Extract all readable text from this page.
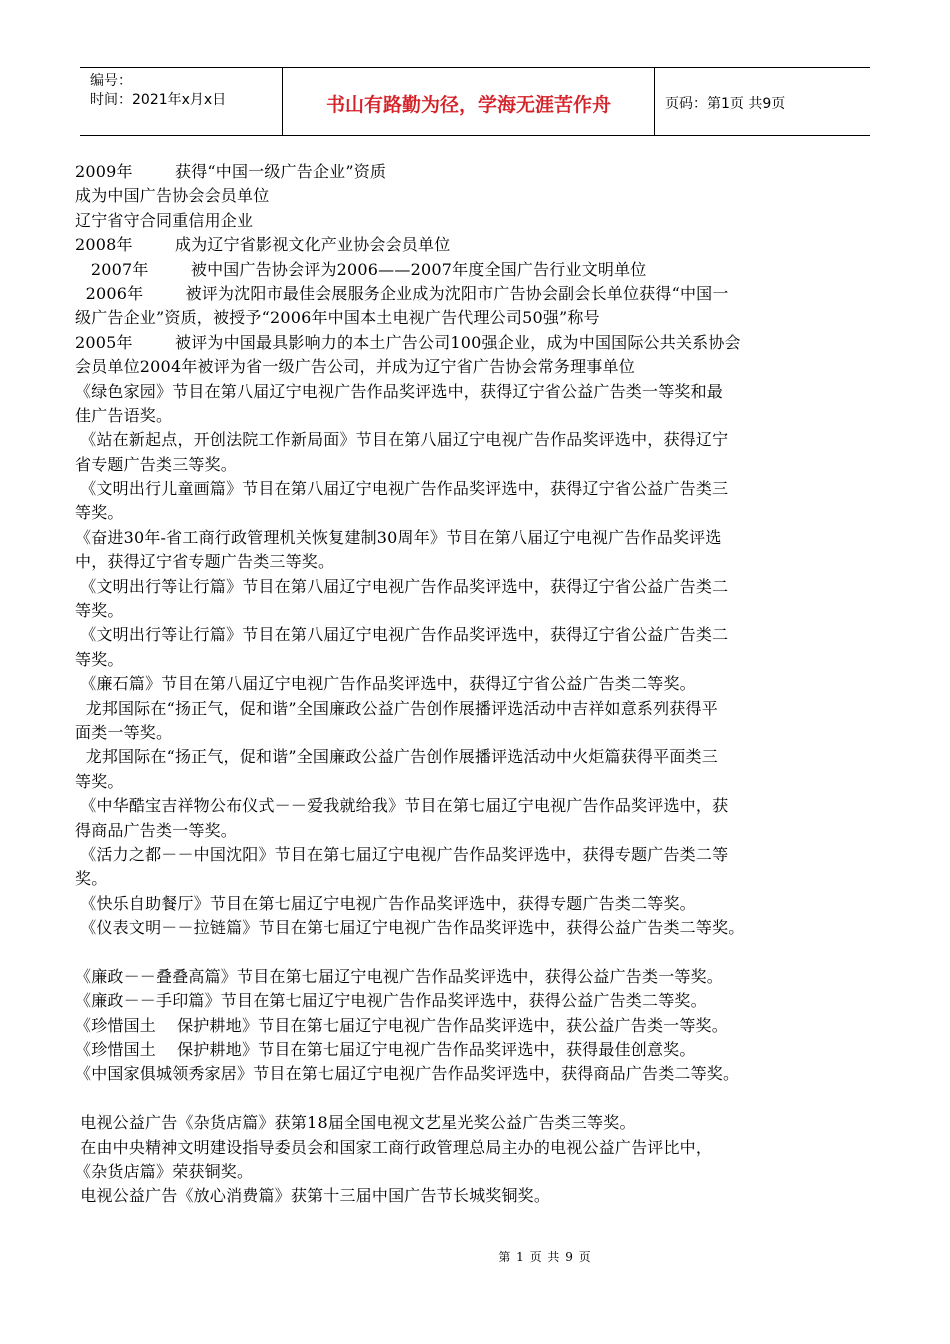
编号：
时间：2021年x月x日	书山有路勤为径，学海无涯苦作舟	页码：第1页 共9页
2009年        获得“中国一级广告企业”资质
成为中国广告协会会员单位
辽宁省守合同重信用企业
2008年        成为辽宁省影视文化产业协会会员单位
2007年        被中国广告协会评为2006——2007年度全国广告行业文明单位
2006年        被评为沈阳市最佳会展服务企业成为沈阳市广告协会副会长单位获得“中国一
级广告企业”资质，被授予“2006年中国本土电视广告代理公司50强”称号
2005年        被评为中国最具影响力的本土广告公司100强企业，成为中国国际公共关系协会
会员单位2004年被评为省一级广告公司，并成为辽宁省广告协会常务理事单位
《绿色家园》节目在第八届辽宁电视广告作品奖评选中，获得辽宁省公益广告类一等奖和最
佳广告语奖。
《站在新起点，开创法院工作新局面》节目在第八届辽宁电视广告作品奖评选中，获得辽宁
省专题广告类三等奖。
《文明出行儿童画篇》节目在第八届辽宁电视广告作品奖评选中，获得辽宁省公益广告类三
等奖。
《奋进30年-省工商行政管理机关恢复建制30周年》节目在第八届辽宁电视广告作品奖评选
中，获得辽宁省专题广告类三等奖。
《文明出行等让行篇》节目在第八届辽宁电视广告作品奖评选中，获得辽宁省公益广告类二
等奖。
《文明出行等让行篇》节目在第八届辽宁电视广告作品奖评选中，获得辽宁省公益广告类二
等奖。
《廉石篇》节目在第八届辽宁电视广告作品奖评选中，获得辽宁省公益广告类二等奖。
龙邦国际在“扬正气，促和谐”全国廉政公益广告创作展播评选活动中吉祥如意系列获得平
面类一等奖。
龙邦国际在“扬正气，促和谐”全国廉政公益广告创作展播评选活动中火炬篇获得平面类三
等奖。
《中华酷宝吉祥物公布仪式－－爱我就给我》节目在第七届辽宁电视广告作品奖评选中，获
得商品广告类一等奖。
《活力之都－－中国沈阳》节目在第七届辽宁电视广告作品奖评选中，获得专题广告类二等
奖。
《快乐自助餐厅》节目在第七届辽宁电视广告作品奖评选中，获得专题广告类二等奖。
《仪表文明－－拉链篇》节目在第七届辽宁电视广告作品奖评选中，获得公益广告类二等奖。
《廉政－－叠叠高篇》节目在第七届辽宁电视广告作品奖评选中，获得公益广告类一等奖。
《廉政－－手印篇》节目在第七届辽宁电视广告作品奖评选中，获得公益广告类二等奖。
《珍惜国土    保护耕地》节目在第七届辽宁电视广告作品奖评选中，获公益广告类一等奖。
《珍惜国土    保护耕地》节目在第七届辽宁电视广告作品奖评选中，获得最佳创意奖。
《中国家俱城领秀家居》节目在第七届辽宁电视广告作品奖评选中，获得商品广告类二等奖。
电视公益广告《杂货店篇》获第18届全国电视文艺星光奖公益广告类三等奖。
在由中央精神文明建设指导委员会和国家工商行政管理总局主办的电视公益广告评比中，
《杂货店篇》荣获铜奖。
电视公益广告《放心消费篇》获第十三届中国广告节长城奖铜奖。
第 1 页 共 9 页
